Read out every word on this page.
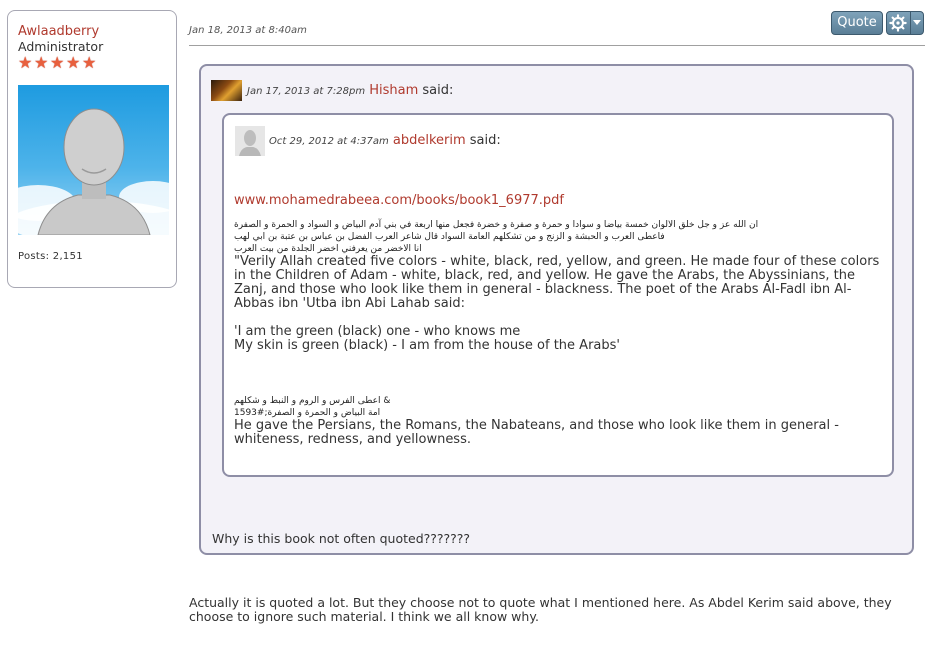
Awlaadberry
Administrator
★ ★ ★ ★ ★
Posts: 2,151
Jan 18, 2013 at 8:40am
Quote
Jan 17, 2013 at 7:28pm Hisham said:
Oct 29, 2012 at 4:37am abdelkerim said:
www.mohamedrabeea.com/books/book1_6977.pdf
ان الله عز و جل خلق الالوان خمسة بياضا و سوادا و حمرة و صفرة و خضرة فجعل منها اربعة في بني آدم البياض و السواد و الحمرة و الصفرة
فاعطى العرب و الحبشة و الزنج و من تشكلهم العامة السواد قال شاعر العرب الفضل بن عباس بن عتبة بن ابي لهب
انا الاخضر من يعرفني اخضر الجلدة من بيت العرب
"Verily Allah created five colors - white, black, red, yellow, and green. He made four of these colors in the Children of Adam - white, black, red, and yellow. He gave the Arabs, the Abyssinians, the Zanj, and those who look like them in general - blackness. The poet of the Arabs Al-Fadl ibn Al-Abbas ibn 'Utba ibn Abi Lahab said:
'I am the green (black) one - who knows me
My skin is green (black) - I am from the house of the Arabs'
اعطى الفرس و الروم و النبط و شكلهم &
امة البياض و الحمرة و الصفرة;#1593
He gave the Persians, the Romans, the Nabateans, and those who look like them in general - whiteness, redness, and yellowness.
Why is this book not often quoted???????
Actually it is quoted a lot. But they choose not to quote what I mentioned here. As Abdel Kerim said above, they choose to ignore such material. I think we all know why.
